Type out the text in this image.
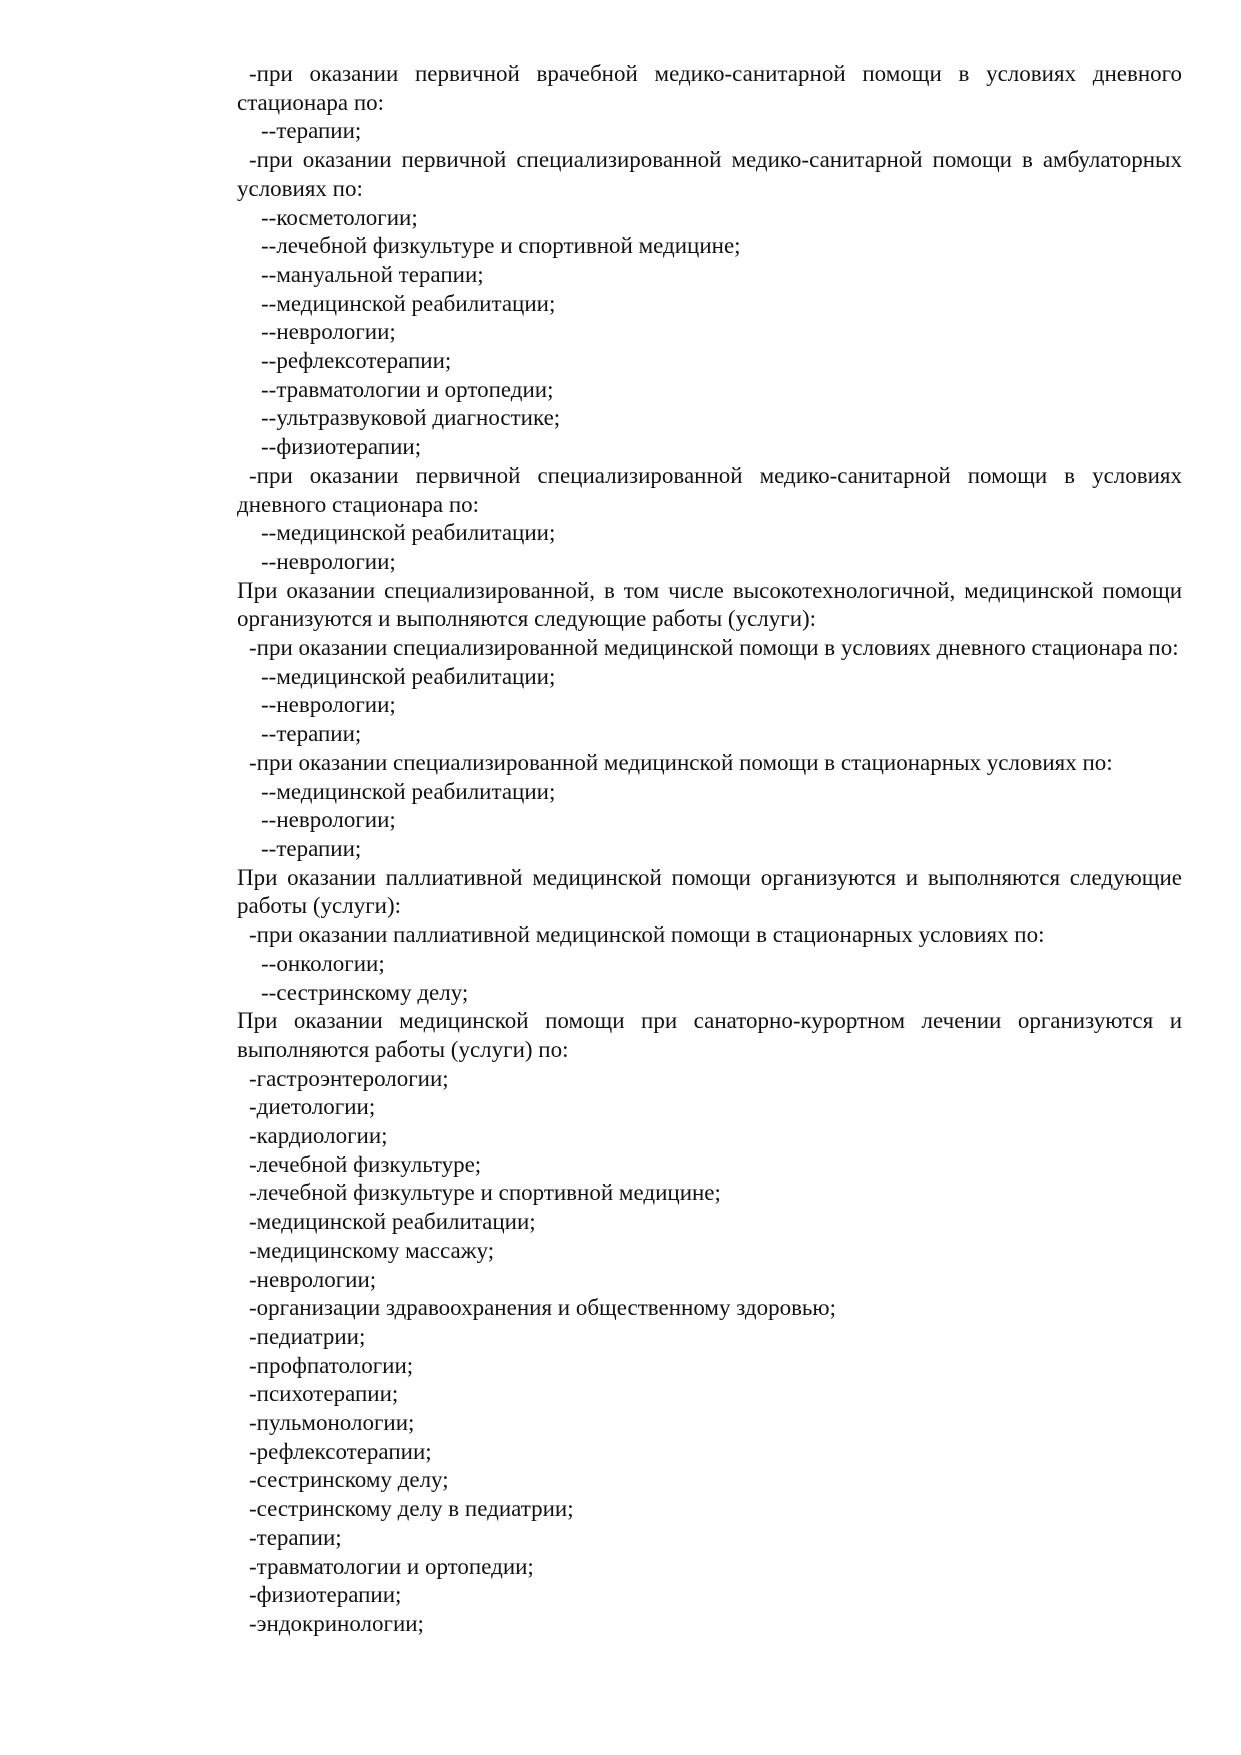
-при оказании первичной врачебной медико-санитарной помощи в условиях дневного стационара по:

--терапии;

-при оказании первичной специализированной медико-санитарной помощи в амбулаторных условиях по:

--косметологии;

--лечебной физкультуре и спортивной медицине;

--мануальной терапии;

--медицинской реабилитации;

--неврологии;

--рефлексотерапии;

--травматологии и ортопедии;

--ультразвуковой диагностике;

--физиотерапии;

-при оказании первичной специализированной медико-санитарной помощи в условиях дневного стационара по:

--медицинской реабилитации;

--неврологии;

При оказании специализированной, в том числе высокотехнологичной, медицинской помощи организуются и выполняются следующие работы (услуги):

-при оказании специализированной медицинской помощи в условиях дневного стационара по:

--медицинской реабилитации;

--неврологии;

--терапии;

-при оказании специализированной медицинской помощи в стационарных условиях по:

--медицинской реабилитации;

--неврологии;

--терапии;

При оказании паллиативной медицинской помощи организуются и выполняются следующие работы (услуги):

-при оказании паллиативной медицинской помощи в стационарных условиях по:

--онкологии;

--сестринскому делу;

При оказании медицинской помощи при санаторно-курортном лечении организуются и выполняются работы (услуги) по:

-гастроэнтерологии;

-диетологии;

-кардиологии;

-лечебной физкультуре;

-лечебной физкультуре и спортивной медицине;

-медицинской реабилитации;

-медицинскому массажу;

-неврологии;

-организации здравоохранения и общественному здоровью;

-педиатрии;

-профпатологии;

-психотерапии;

-пульмонологии;

-рефлексотерапии;

-сестринскому делу;

-сестринскому делу в педиатрии;

-терапии;

-травматологии и ортопедии;

-физиотерапии;

-эндокринологии;
